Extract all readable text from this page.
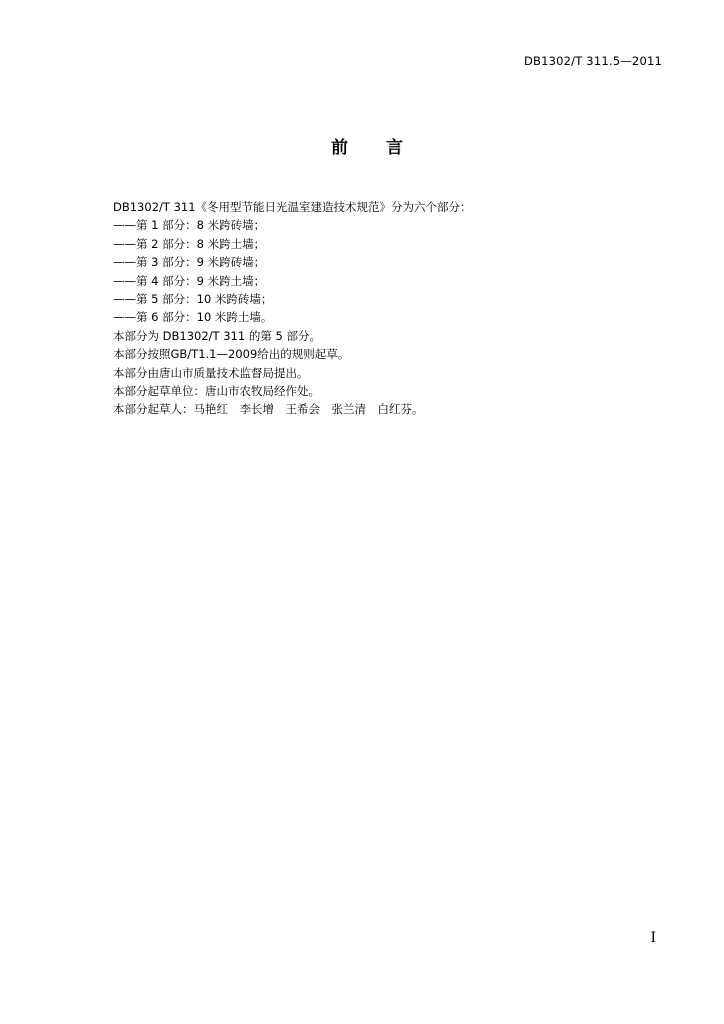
DB1302/T 311.5—2011
前言
DB1302/T 311《冬用型节能日光温室建造技术规范》分为六个部分：
——第 1 部分：8 米跨砖墙；
——第 2 部分：8 米跨土墙；
——第 3 部分：9 米跨砖墙；
——第 4 部分：9 米跨土墙；
——第 5 部分：10 米跨砖墙；
——第 6 部分：10 米跨土墙。
本部分为 DB1302/T 311 的第 5 部分。
本部分按照GB/T1.1—2009给出的规则起草。
本部分由唐山市质量技术监督局提出。
本部分起草单位：唐山市农牧局经作处。
本部分起草人：马艳红　李长增　王希会　张兰清　白红芬。
I
